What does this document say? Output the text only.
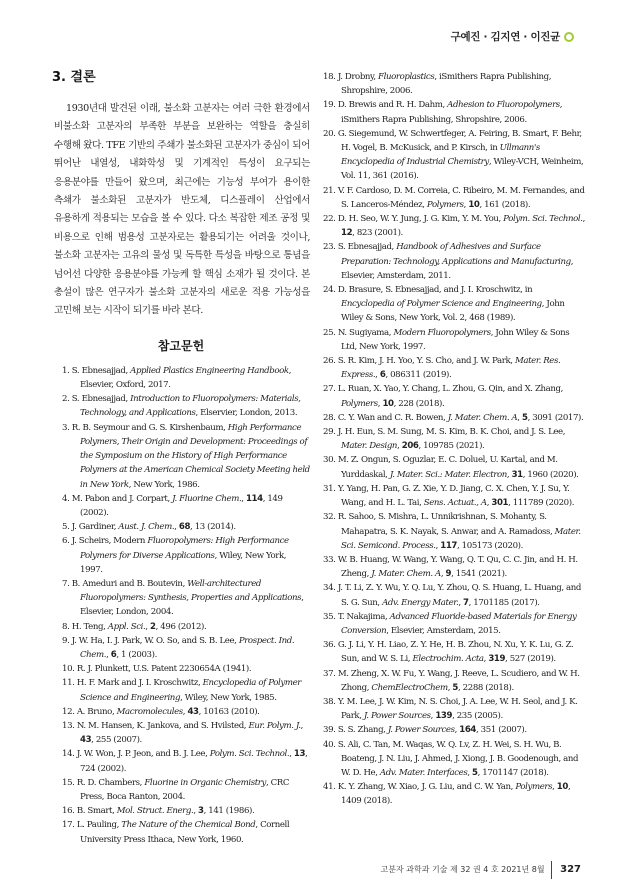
구예진 · 김지연 · 이진균
3. 결론

1930년대 발견된 이래, 불소화 고분자는 여러 극한 환경에서 비불소화 고분자의 부족한 부분을 보완하는 역할을 충실히 수행해 왔다. TFE 기반의 주쇄가 불소화된 고분자가 중심이 되어 뛰어난 내열성, 내화학성 및 기계적인 특성이 요구되는 응용분야를 만들어 왔으며, 최근에는 기능성 부여가 용이한 측쇄가 불소화된 고분자가 반도체, 디스플레이 산업에서 유용하게 적용되는 모습을 볼 수 있다. 다소 복잡한 제조 공정 및 비용으로 인해 범용성 고분자로는 활용되기는 어려울 것이나, 불소화 고분자는 고유의 물성 및 독특한 특성을 바탕으로 통념을 넘어선 다양한 응용분야를 가능케 할 핵심 소재가 될 것이다. 본 총설이 많은 연구자가 불소화 고분자의 새로운 적용 가능성을 고민해 보는 시작이 되기를 바라 본다.

참고문헌
1. S. Ebnesajjad, Applied Plastics Engineering Handbook, Elsevier, Oxford, 2017.
2. S. Ebnesajjad, Introduction to Fluoropolymers: Materials, Technology, and Applications, Elservier, London, 2013.
3. R. B. Seymour and G. S. Kirshenbaum, High Performance Polymers, Their Origin and Development: Proceedings of the Symposium on the History of High Performance Polymers at the American Chemical Society Meeting held in New York, New York, 1986.
4. M. Pabon and J. Corpart, J. Fluorine Chem., 114, 149 (2002).
5. J. Gardiner, Aust. J. Chem., 68, 13 (2014).
6. J. Scheirs, Modern Fluoropolymers: High Performance Polymers for Diverse Applications, Wiley, New York, 1997.
7. B. Ameduri and B. Boutevin, Well-architectured Fluoropolymers: Synthesis, Properties and Applications, Elsevier, London, 2004.
8. H. Teng, Appl. Sci., 2, 496 (2012).
9. J. W. Ha, I. J. Park, W. O. So, and S. B. Lee, Prospect. Ind. Chem., 6, 1 (2003).
10. R. J. Plunkett, U.S. Patent 2230654A (1941).
11. H. F. Mark and J. I. Kroschwitz, Encyclopedia of Polymer Science and Engineering, Wiley, New York, 1985.
12. A. Bruno, Macromolecules, 43, 10163 (2010).
13. N. M. Hansen, K. Jankova, and S. Hvilsted, Eur. Polym. J., 43, 255 (2007).
14. J. W. Won, J. P. Jeon, and B. J. Lee, Polym. Sci. Technol., 13, 724 (2002).
15. R. D. Chambers, Fluorine in Organic Chemistry, CRC Press, Boca Ranton, 2004.
16. B. Smart, Mol. Struct. Energ., 3, 141 (1986).
17. L. Pauling, The Nature of the Chemical Bond, Cornell University Press Ithaca, New York, 1960.
18. J. Drobny, Fluoroplastics, iSmithers Rapra Publishing, Shropshire, 2006.
19. D. Brewis and R. H. Dahm, Adhesion to Fluoropolymers, iSmithers Rapra Publishing, Shropshire, 2006.
20. G. Siegemund, W. Schwertfeger, A. Feiring, B. Smart, F. Behr, H. Vogel, B. McKusick, and P. Kirsch, in Ullmann's Encyclopedia of Industrial Chemistry, Wiley-VCH, Weinheim, Vol. 11, 361 (2016).
21. V. F. Cardoso, D. M. Correia, C. Ribeiro, M. M. Fernandes, and S. Lanceros-Méndez, Polymers, 10, 161 (2018).
22. D. H. Seo, W. Y. Jung, J. G. Kim, Y. M. You, Polym. Sci. Technol., 12, 823 (2001).
23. S. Ebnesajjad, Handbook of Adhesives and Surface Preparation: Technology, Applications and Manufacturing, Elsevier, Amsterdam, 2011.
24. D. Brasure, S. Ebnesajjad, and J. I. Kroschwitz, in Encyclopedia of Polymer Science and Engineering, John Wiley & Sons, New York, Vol. 2, 468 (1989).
25. N. Sugiyama, Modern Fluoropolymers, John Wiley & Sons Ltd, New York, 1997.
26. S. R. Kim, J. H. Yoo, Y. S. Cho, and J. W. Park, Mater. Res. Express., 6, 086311 (2019).
27. L. Ruan, X. Yao, Y. Chang, L. Zhou, G. Qin, and X. Zhang, Polymers, 10, 228 (2018).
28. C. Y. Wan and C. R. Bowen, J. Mater. Chem. A, 5, 3091 (2017).
29. J. H. Eun, S. M. Sung, M. S. Kim, B. K. Choi, and J. S. Lee, Mater. Design, 206, 109785 (2021).
30. M. Z. Ongun, S. Oguzlar, E. C. Doluel, U. Kartal, and M. Yurddaskal, J. Mater. Sci.: Mater. Electron, 31, 1960 (2020).
31. Y. Yang, H. Pan, G. Z. Xie, Y. D. Jiang, C. X. Chen, Y. J. Su, Y. Wang, and H. L. Tai, Sens. Actuat., A, 301, 111789 (2020).
32. R. Sahoo, S. Mishra, L. Unnikrishnan, S. Mohanty, S. Mahapatra, S. K. Nayak, S. Anwar, and A. Ramadoss, Mater. Sci. Semicond. Process., 117, 105173 (2020).
33. W. B. Huang, W. Wang, Y. Wang, Q. T. Qu, C. C. Jin, and H. H. Zheng, J. Mater. Chem. A, 9, 1541 (2021).
34. J. T. Li, Z. Y. Wu, Y. Q. Lu, Y. Zhou, Q. S. Huang, L. Huang, and S. G. Sun, Adv. Energy Mater., 7, 1701185 (2017).
35. T. Nakajima, Advanced Fluoride-based Materials for Energy Conversion, Elsevier, Amsterdam, 2015.
36. G. J. Li, Y. H. Liao, Z. Y. He, H. B. Zhou, N. Xu, Y. K. Lu, G. Z. Sun, and W. S. Li, Electrochim. Acta, 319, 527 (2019).
37. M. Zheng, X. W. Fu, Y. Wang, J. Reeve, L. Scudiero, and W. H. Zhong, ChemElectroChem, 5, 2288 (2018).
38. Y. M. Lee, J. W. Kim, N. S. Choi, J. A. Lee, W. H. Seol, and J. K. Park, J. Power Sources, 139, 235 (2005).
39. S. S. Zhang, J. Power Sources, 164, 351 (2007).
40. S. Ali, C. Tan, M. Waqas, W. Q. Lv, Z. H. Wei, S. H. Wu, B. Boateng, J. N. Liu, J. Ahmed, J. Xiong, J. B. Goodenough, and W. D. He, Adv. Mater. Interfaces, 5, 1701147 (2018).
41. K. Y. Zhang, W. Xiao, J. G. Liu, and C. W. Yan, Polymers, 10, 1409 (2018).
고분자 과학과 기술 제 32 권 4 호 2021년 8월 327
